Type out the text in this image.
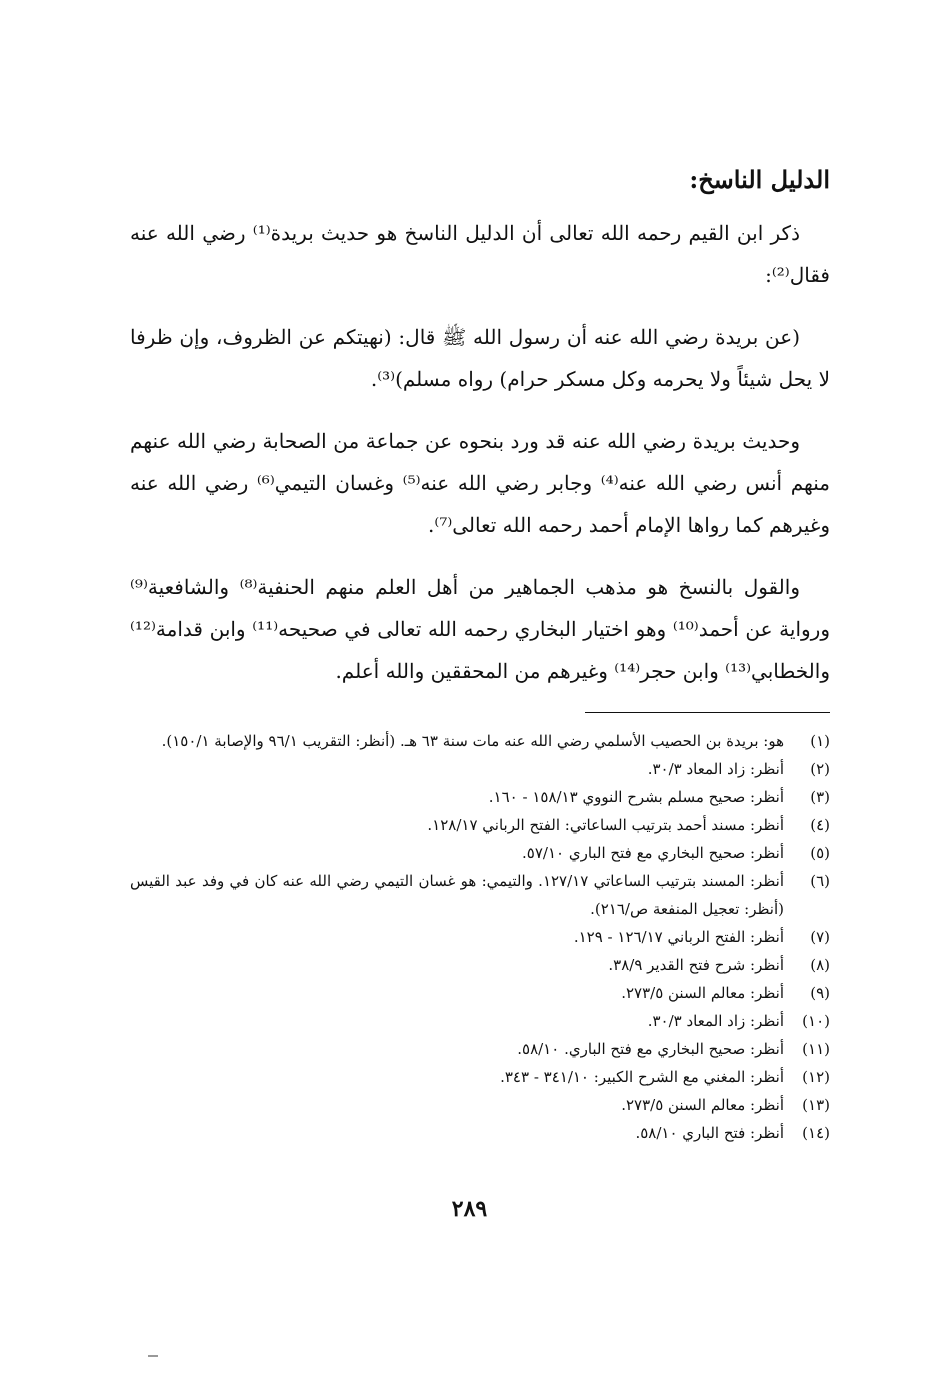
الدليل الناسخ:

ذكر ابن القيم رحمه الله تعالى أن الدليل الناسخ هو حديث بريدة⁽¹⁾ رضي الله عنه فقال⁽²⁾:

(عن بريدة رضي الله عنه أن رسول الله ﷺ قال: (نهيتكم عن الظروف، وإن ظرفا لا يحل شيئاً ولا يحرمه وكل مسكر حرام) رواه مسلم)⁽³⁾.

وحديث بريدة رضي الله عنه قد ورد بنحوه عن جماعة من الصحابة رضي الله عنهم منهم أنس رضي الله عنه⁽⁴⁾ وجابر رضي الله عنه⁽⁵⁾ وغسان التيمي⁽⁶⁾ رضي الله عنه وغيرهم كما رواها الإمام أحمد رحمه الله تعالى⁽⁷⁾.

والقول بالنسخ هو مذهب الجماهير من أهل العلم منهم الحنفية⁽⁸⁾ والشافعية⁽⁹⁾ ورواية عن أحمد⁽¹⁰⁾ وهو اختيار البخاري رحمه الله تعالى في صحيحه⁽¹¹⁾ وابن قدامة⁽¹²⁾ والخطابي⁽¹³⁾ وابن حجر⁽¹⁴⁾ وغيرهم من المحققين والله أعلم.

(١)
هو: بريدة بن الحصيب الأسلمي رضي الله عنه مات سنة ٦٣ هـ. (أنظر: التقريب ٩٦/١ والإصابة ١٥٠/١).
(٢)
أنظر: زاد المعاد ٣٠/٣.
(٣)
أنظر: صحيح مسلم بشرح النووي ١٥٨/١٣ - ١٦٠.
(٤)
أنظر: مسند أحمد بترتيب الساعاتي: الفتح الرباني ١٢٨/١٧.
(٥)
أنظر: صحيح البخاري مع فتح الباري ٥٧/١٠.
(٦)
أنظر: المسند بترتيب الساعاتي ١٢٧/١٧. والتيمي: هو غسان التيمي رضي الله عنه كان في وفد عبد القيس (أنظر: تعجيل المنفعة ص/٢١٦).
(٧)
أنظر: الفتح الرباني ١٢٦/١٧ - ١٢٩.
(٨)
أنظر: شرح فتح القدير ٣٨/٩.
(٩)
أنظر: معالم السنن ٢٧٣/٥.
(١٠)
أنظر: زاد المعاد ٣٠/٣.
(١١)
أنظر: صحيح البخاري مع فتح الباري. ٥٨/١٠.
(١٢)
أنظر: المغني مع الشرح الكبير: ٣٤١/١٠ - ٣٤٣.
(١٣)
أنظر: معالم السنن ٢٧٣/٥.
(١٤)
أنظر: فتح الباري ٥٨/١٠.
٢٨٩
